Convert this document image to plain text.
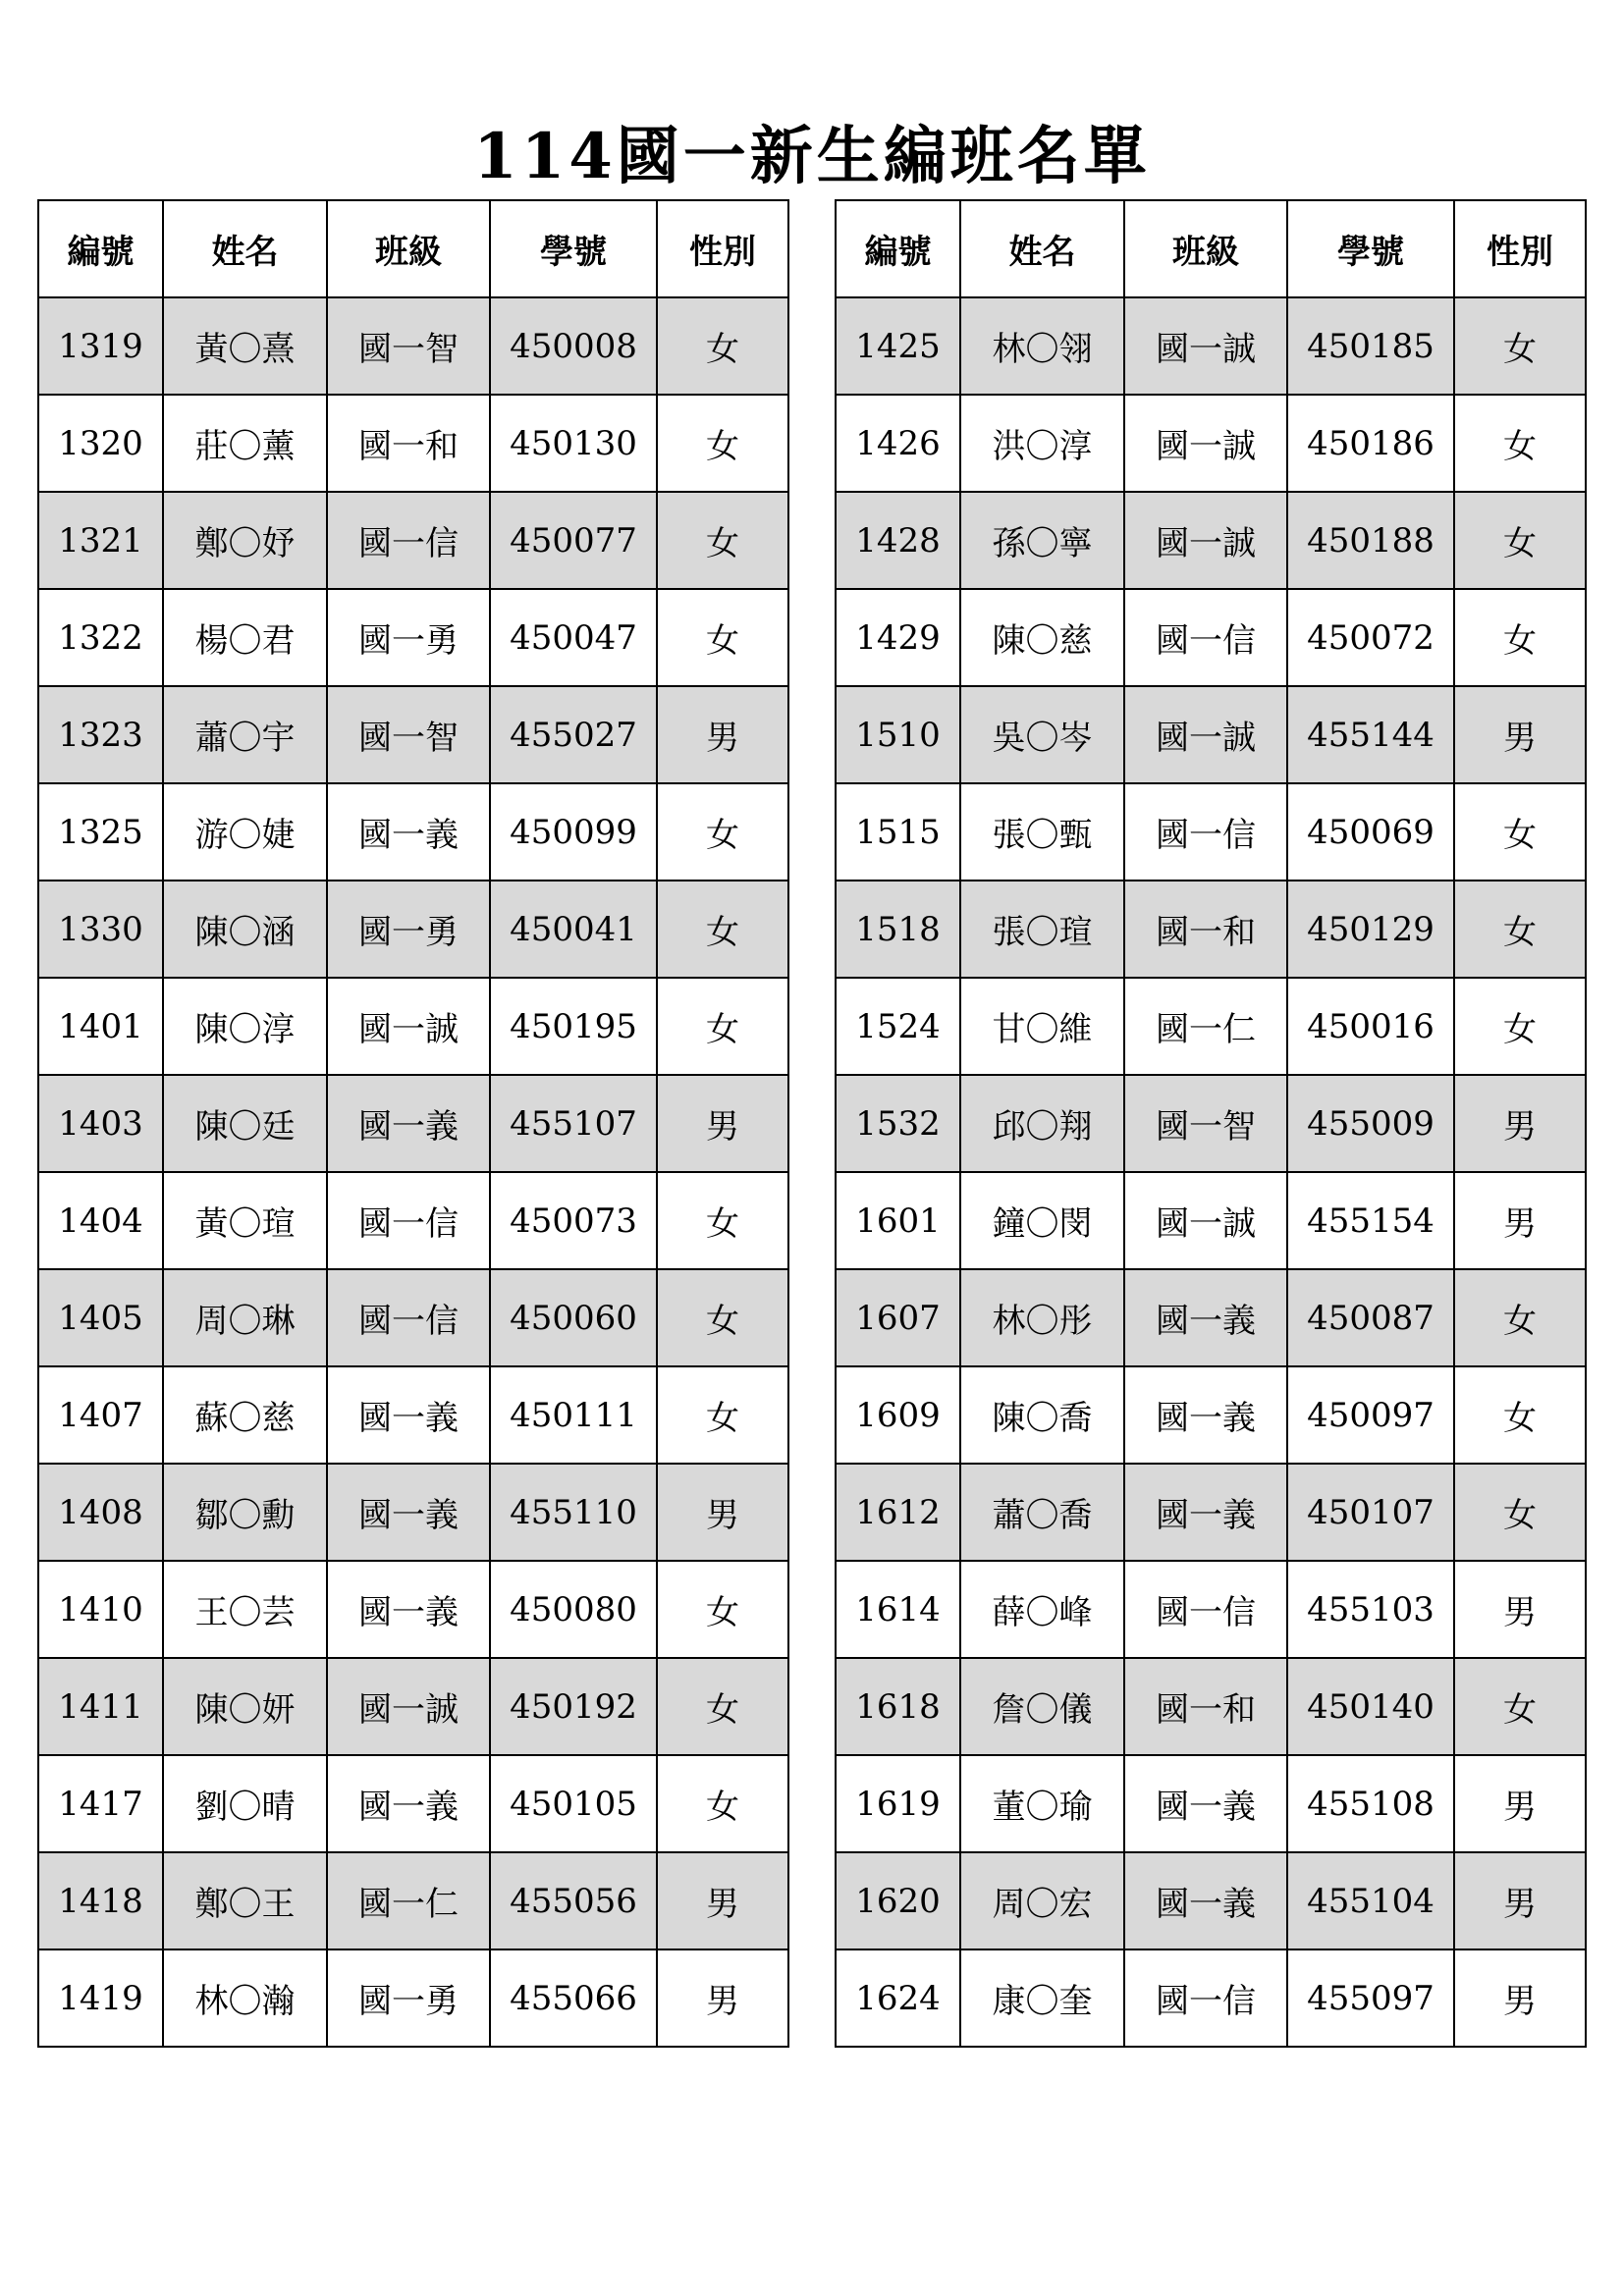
114國一新生編班名單
編號	姓名	班級	學號	性別
1319	黃〇熹	國一智	450008	女
1320	莊〇薰	國一和	450130	女
1321	鄭〇妤	國一信	450077	女
1322	楊〇君	國一勇	450047	女
1323	蕭〇宇	國一智	455027	男
1325	游〇婕	國一義	450099	女
1330	陳〇涵	國一勇	450041	女
1401	陳〇淳	國一誠	450195	女
1403	陳〇廷	國一義	455107	男
1404	黃〇瑄	國一信	450073	女
1405	周〇琳	國一信	450060	女
1407	蘇〇慈	國一義	450111	女
1408	鄒〇勳	國一義	455110	男
1410	王〇芸	國一義	450080	女
1411	陳〇妍	國一誠	450192	女
1417	劉〇晴	國一義	450105	女
1418	鄭〇王	國一仁	455056	男
1419	林〇瀚	國一勇	455066	男
編號	姓名	班級	學號	性別
1425	林〇翎	國一誠	450185	女
1426	洪〇淳	國一誠	450186	女
1428	孫〇寧	國一誠	450188	女
1429	陳〇慈	國一信	450072	女
1510	吳〇岑	國一誠	455144	男
1515	張〇甄	國一信	450069	女
1518	張〇瑄	國一和	450129	女
1524	甘〇維	國一仁	450016	女
1532	邱〇翔	國一智	455009	男
1601	鐘〇閔	國一誠	455154	男
1607	林〇彤	國一義	450087	女
1609	陳〇喬	國一義	450097	女
1612	蕭〇喬	國一義	450107	女
1614	薛〇峰	國一信	455103	男
1618	詹〇儀	國一和	450140	女
1619	董〇瑜	國一義	455108	男
1620	周〇宏	國一義	455104	男
1624	康〇奎	國一信	455097	男
